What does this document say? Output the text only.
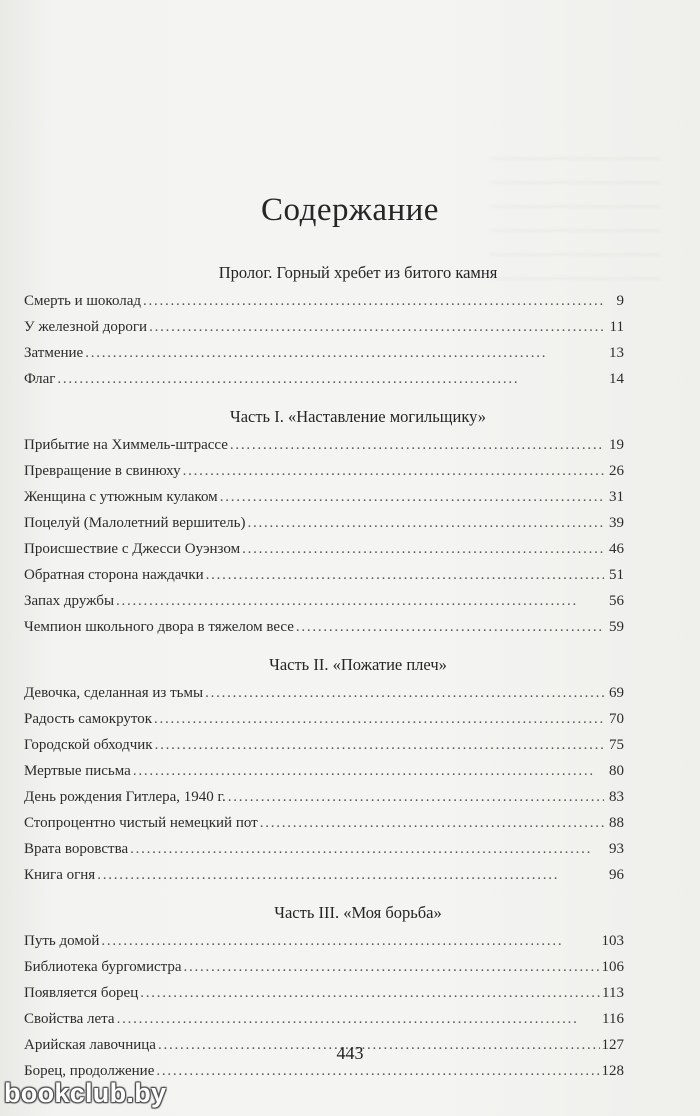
Содержание
Пролог. Горный хребет из битого камня
Смерть и шоколад . . .	9
У железной дороги . . .	11
Затмение . . .	13
Флаг . . .	14
Часть I. «Наставление могильщику»
Прибытие на Химмель-штрассе . . .	19
Превращение в свинюху . . .	26
Женщина с утюжным кулаком . . .	31
Поцелуй (Малолетний вершитель) . . .	39
Происшествие с Джесси Оуэнзом . . .	46
Обратная сторона наждачки . . .	51
Запах дружбы . . .	56
Чемпион школьного двора в тяжелом весе . . .	59
Часть II. «Пожатие плеч»
Девочка, сделанная из тьмы . . .	69
Радость самокруток . . .	70
Городской обходчик . . .	75
Мертвые письма . . .	80
День рождения Гитлера, 1940 г. . . .	83
Стопроцентно чистый немецкий пот . . .	88
Врата воровства . . .	93
Книга огня . . .	96
Часть III. «Моя борьба»
Путь домой . . .	103
Библиотека бургомистра . . .	106
Появляется борец . . .	113
Свойства лета . . .	116
Арийская лавочница . . .	127
Борец, продолжение . . .	128
443
bookclub.by
